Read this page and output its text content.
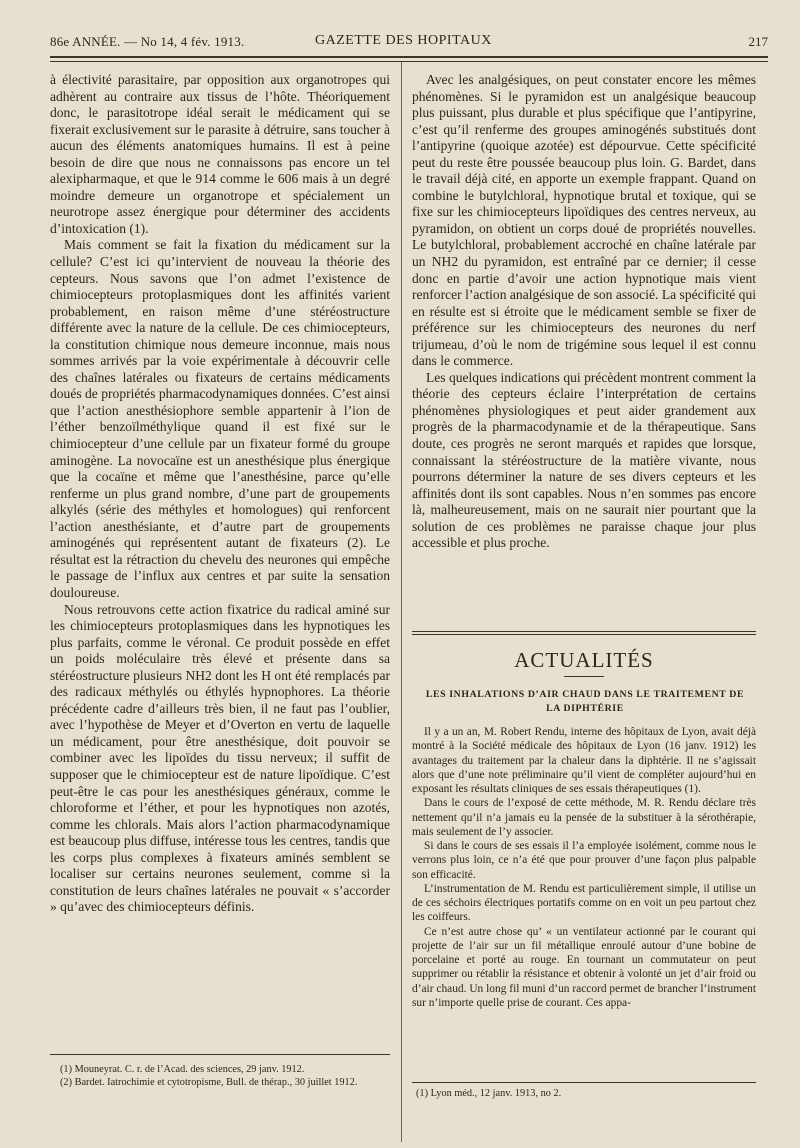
86e ANNÉE. — No 14, 4 fév. 1913.	GAZETTE DES HOPITAUX	217

à électivité parasitaire, par opposition aux organotropes qui adhèrent au contraire aux tissus de l’hôte. Théoriquement donc, le parasitotrope idéal serait le médicament qui se fixerait exclusivement sur le parasite à détruire, sans toucher à aucun des éléments anatomiques humains. Il est à peine besoin de dire que nous ne connaissons pas encore un tel alexipharmaque, et que le 914 comme le 606 mais à un degré moindre demeure un organotrope et spécialement un neurotrope assez énergique pour déterminer des accidents d’intoxication (1).

Mais comment se fait la fixation du médicament sur la cellule? C’est ici qu’intervient de nouveau la théorie des cepteurs. Nous savons que l’on admet l’existence de chimiocepteurs protoplasmiques dont les affinités varient probablement, en raison même d’une stéréostructure différente avec la nature de la cellule. De ces chimiocepteurs, la constitution chimique nous demeure inconnue, mais nous sommes arrivés par la voie expérimentale à découvrir celle des chaînes latérales ou fixateurs de certains médicaments doués de propriétés pharmacodynamiques données. C’est ainsi que l’action anesthésiophore semble appartenir à l’ion de l’éther benzoïlméthylique quand il est fixé sur le chimiocepteur d’une cellule par un fixateur formé du groupe aminogène. La novocaïne est un anesthésique plus énergique que la cocaïne et même que l’anesthésine, parce qu’elle renferme un plus grand nombre, d’une part de groupements alkylés (série des méthyles et homologues) qui renforcent l’action anesthésiante, et d’autre part de groupements aminogénés qui représentent autant de fixateurs (2). Le résultat est la rétraction du chevelu des neurones qui empêche le passage de l’influx aux centres et par suite la sensation douloureuse.

Nous retrouvons cette action fixatrice du radical aminé sur les chimiocepteurs protoplasmiques dans les hypnotiques les plus parfaits, comme le véronal. Ce produit possède en effet un poids moléculaire très élevé et présente dans sa stéréostructure plusieurs NH2 dont les H ont été remplacés par des radicaux méthylés ou éthylés hypnophores. La théorie précédente cadre d’ailleurs très bien, il ne faut pas l’oublier, avec l’hypothèse de Meyer et d’Overton en vertu de laquelle un médicament, pour être anesthésique, doit pouvoir se combiner avec les lipoïdes du tissu nerveux; il suffit de supposer que le chimiocepteur est de nature lipoïdique. C’est peut-être le cas pour les anesthésiques généraux, comme le chloroforme et l’éther, et pour les hypnotiques non azotés, comme les chlorals. Mais alors l’action pharmacodynamique est beaucoup plus diffuse, intéresse tous les centres, tandis que les corps plus complexes à fixateurs aminés semblent se localiser sur certains neurones seulement, comme si la constitution de leurs chaînes latérales ne pouvait « s’accorder » qu’avec des chimiocepteurs définis.

(1) Mouneyrat. C. r. de l’Acad. des sciences, 29 janv. 1912.

(2) Bardet. Iatrochimie et cytotropisme, Bull. de thérap., 30 juillet 1912.

Avec les analgésiques, on peut constater encore les mêmes phénomènes. Si le pyramidon est un analgésique beaucoup plus puissant, plus durable et plus spécifique que l’antipyrine, c’est qu’il renferme des groupes aminogénés substitués dont l’antipyrine (quoique azotée) est dépourvue. Cette spécificité peut du reste être poussée beaucoup plus loin. G. Bardet, dans le travail déjà cité, en apporte un exemple frappant. Quand on combine le butylchloral, hypnotique brutal et toxique, qui se fixe sur les chimiocepteurs lipoïdiques des centres nerveux, au pyramidon, on obtient un corps doué de propriétés nouvelles. Le butylchloral, probablement accroché en chaîne latérale par un NH2 du pyramidon, est entraîné par ce dernier; il cesse donc en partie d’avoir une action hypnotique mais vient renforcer l’action analgésique de son associé. La spécificité qui en résulte est si étroite que le médicament semble se fixer de préférence sur les chimiocepteurs des neurones du nerf trijumeau, d’où le nom de trigémine sous lequel il est connu dans le commerce.

Les quelques indications qui précèdent montrent comment la théorie des cepteurs éclaire l’interprétation de certains phénomènes physiologiques et peut aider grandement aux progrès de la pharmacodynamie et de la thérapeutique. Sans doute, ces progrès ne seront marqués et rapides que lorsque, connaissant la stéréostructure de la matière vivante, nous pourrons déterminer la nature de ses divers cepteurs et les affinités dont ils sont capables. Nous n’en sommes pas encore là, malheureusement, mais on ne saurait nier pourtant que la solution de ces problèmes ne paraisse chaque jour plus accessible et plus proche.

ACTUALITÉS
LES INHALATIONS D’AIR CHAUD DANS LE TRAITEMENT DE LA DIPHTÉRIE

Il y a un an, M. Robert Rendu, interne des hôpitaux de Lyon, avait déjà montré à la Société médicale des hôpitaux de Lyon (16 janv. 1912) les avantages du traitement par la chaleur dans la diphtérie. Il ne s’agissait alors que d’une note préliminaire qu’il vient de compléter aujourd’hui en exposant les résultats cliniques de ses essais thérapeutiques (1).

Dans le cours de l’exposé de cette méthode, M. R. Rendu déclare très nettement qu’il n’a jamais eu la pensée de la substituer à la sérothérapie, mais seulement de l’y associer.

Si dans le cours de ses essais il l’a employée isolément, comme nous le verrons plus loin, ce n’a été que pour prouver d’une façon plus palpable son efficacité.

L’instrumentation de M. Rendu est particulièrement simple, il utilise un de ces séchoirs électriques portatifs comme on en voit un peu partout chez les coiffeurs.

Ce n’est autre chose qu’ « un ventilateur actionné par le courant qui projette de l’air sur un fil métallique enroulé autour d’une bobine de porcelaine et porté au rouge. En tournant un commutateur on peut supprimer ou rétablir la résistance et obtenir à volonté un jet d’air froid ou d’air chaud. Un long fil muni d’un raccord permet de brancher l’instrument sur n’importe quelle prise de courant. Ces appa-

(1) Lyon méd., 12 janv. 1913, no 2.
